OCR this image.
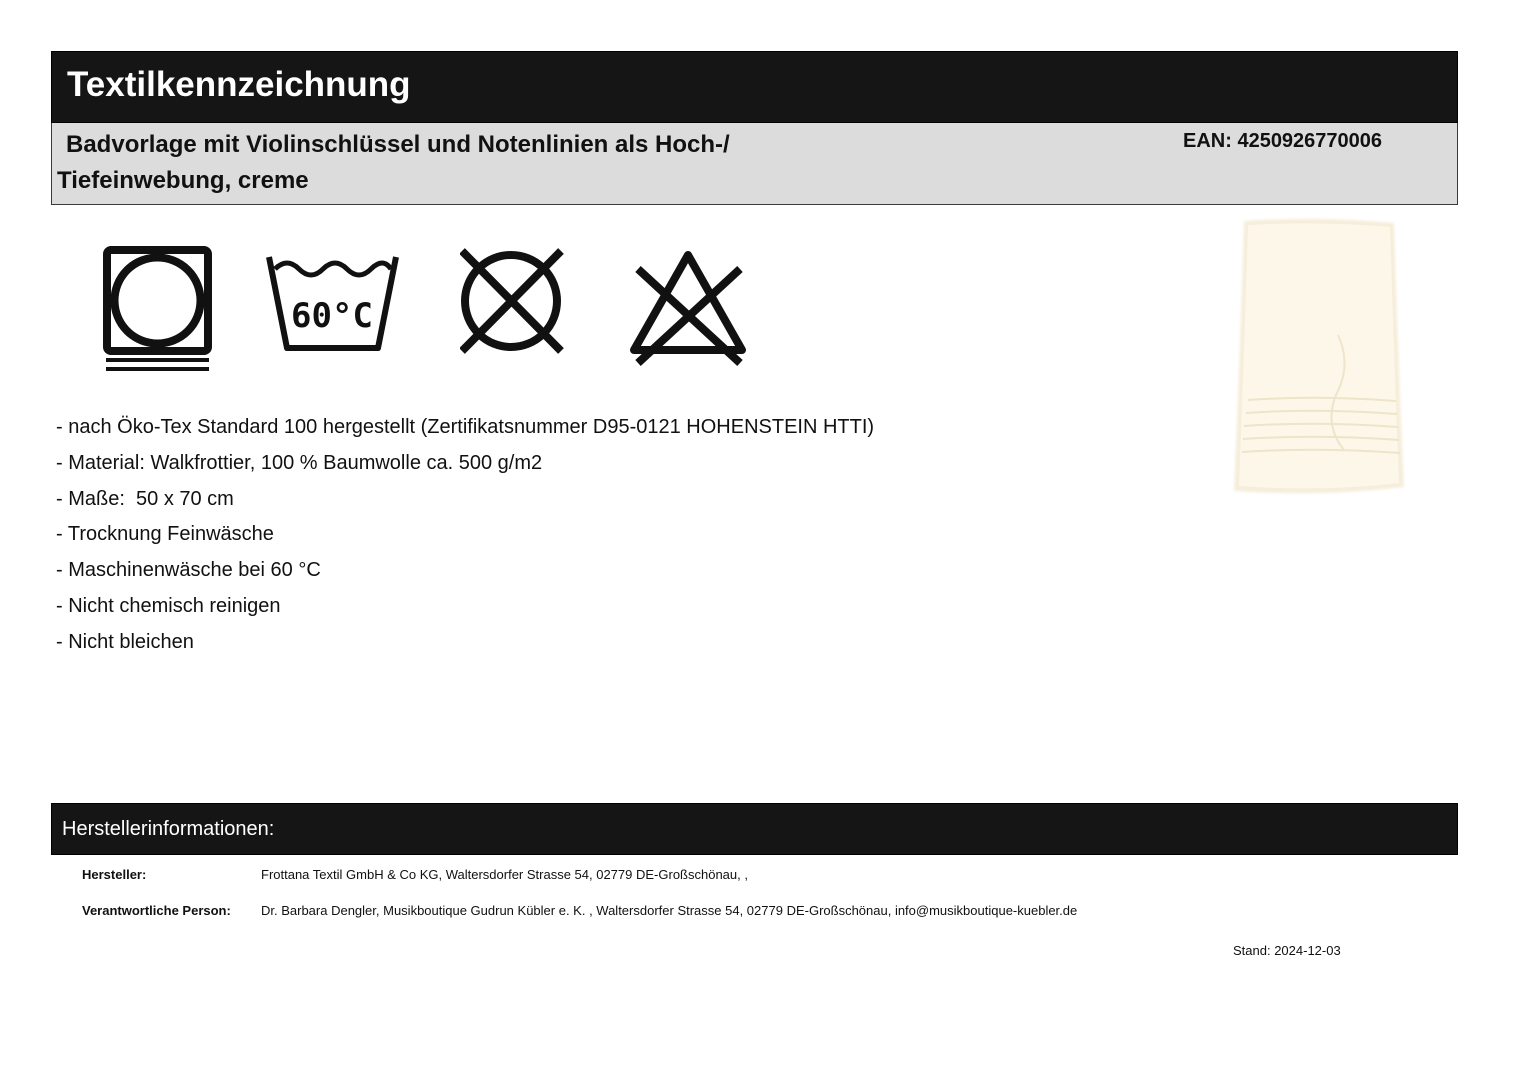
Textilkennzeichnung
Badvorlage mit Violinschlüssel und Notenlinien als Hoch-/
Tiefeinwebung, creme
EAN: 4250926770006
60°C
- nach Öko-Tex Standard 100 hergestellt (Zertifikatsnummer D95-0121 HOHENSTEIN HTTI)
- Material: Walkfrottier, 100 % Baumwolle ca. 500 g/m2
- Maße:  50 x 70 cm
- Trocknung Feinwäsche
- Maschinenwäsche bei 60 °C
- Nicht chemisch reinigen
- Nicht bleichen
Herstellerinformationen:
Hersteller:	Frottana Textil GmbH & Co KG, Waltersdorfer Strasse 54, 02779 DE-Großschönau, ,
Verantwortliche Person: Dr. Barbara Dengler, Musikboutique Gudrun Kübler e. K. , Waltersdorfer Strasse 54, 02779 DE-Großschönau, info@musikboutique-kuebler.de
Stand: 2024-12-03
